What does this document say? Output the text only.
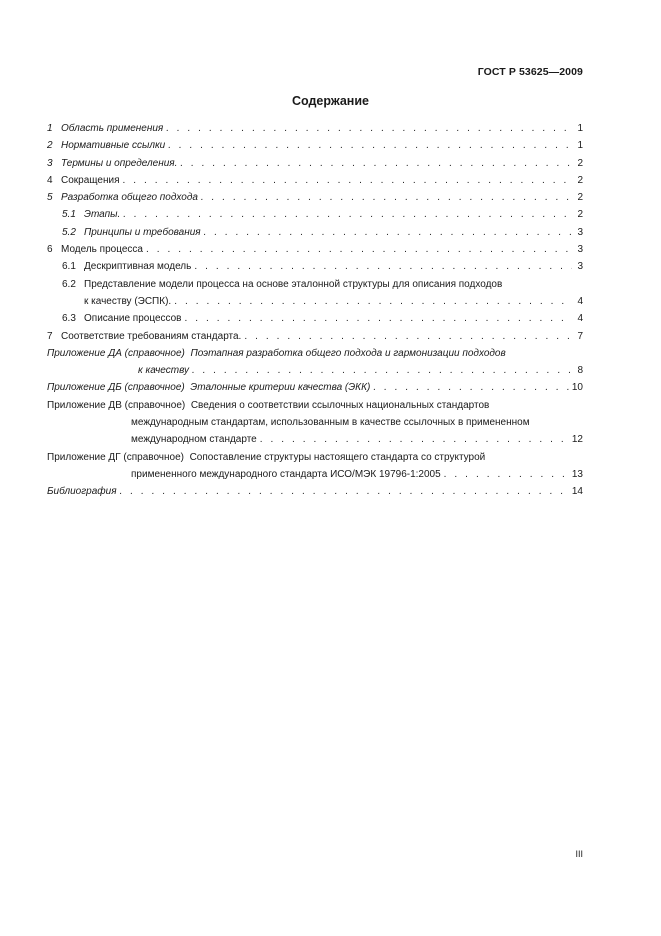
ГОСТ Р 53625—2009
Содержание
1 Область применения . . .	1
2 Нормативные ссылки . . .	1
3 Термины и определения. . . .	2
4 Сокращения . . .	2
5 Разработка общего подхода . . .	2
5.1 Этапы. . . .	2
5.2 Принципы и требования . . .	3
6 Модель процесса . . .	3
6.1 Дескриптивная модель . . .	3
6.2 Представление модели процесса на основе эталонной структуры для описания подходов
к качеству (ЭСПК). . . .	4
6.3 Описание процессов . . .	4
7 Соответствие требованиям стандарта. . . .	7
Приложение ДА (справочное) Поэтапная разработка общего подхода и гармонизации подходов
к качеству . . .	8
Приложение ДБ (справочное) Эталонные критерии качества (ЭКК) . . .	10
Приложение ДВ (справочное) Сведения о соответствии ссылочных национальных стандартов
международным стандартам, использованным в качестве ссылочных в примененном
международном стандарте . . .	12
Приложение ДГ (справочное) Сопоставление структуры настоящего стандарта со структурой
примененного международного стандарта ИСО/МЭК 19796-1:2005 . . .	13
Библиография . . .	14
III
